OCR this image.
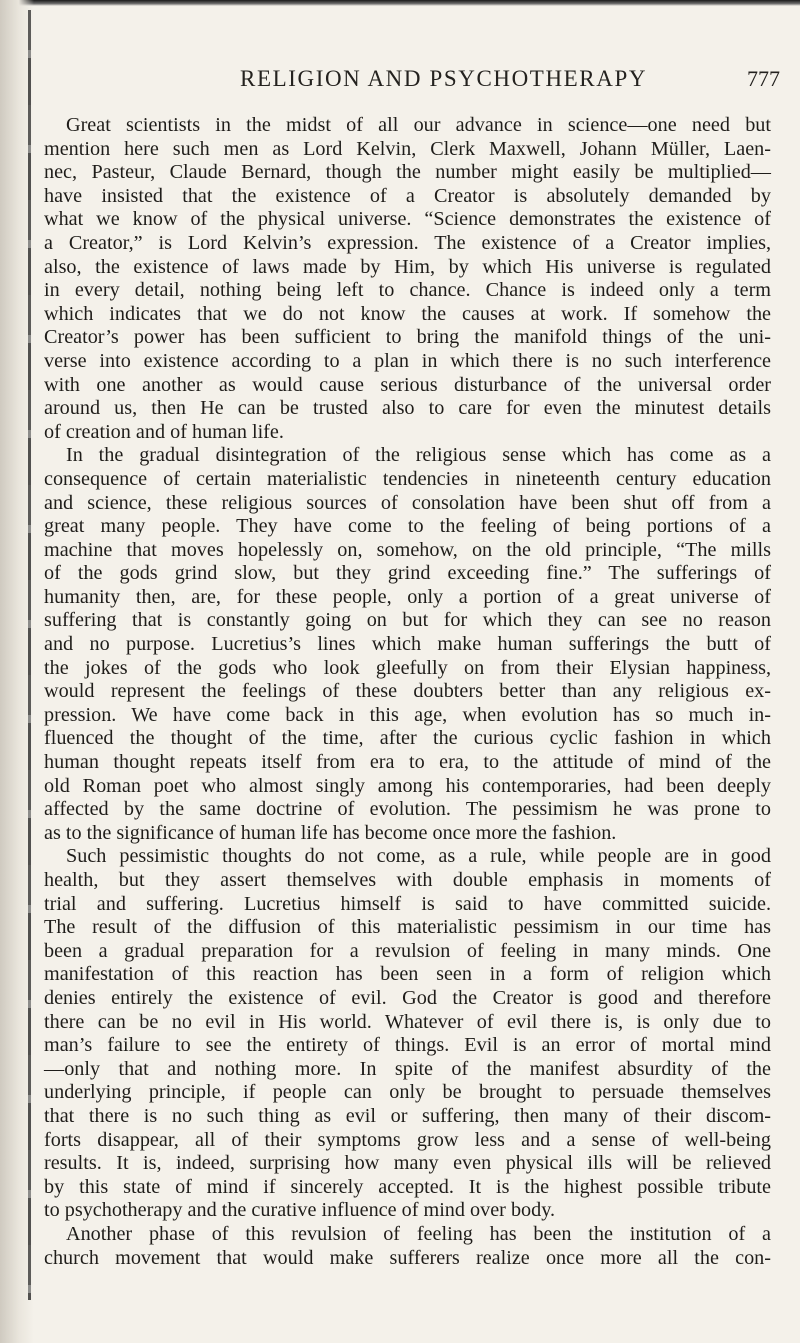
RELIGION AND PSYCHOTHERAPY	777
Great scientists in the midst of all our advance in science—one need but
mention here such men as Lord Kelvin, Clerk Maxwell, Johann Müller, Laen-
nec, Pasteur, Claude Bernard, though the number might easily be multiplied—
have insisted that the existence of a Creator is absolutely demanded by
what we know of the physical universe. “Science demonstrates the existence of
a Creator,” is Lord Kelvin’s expression. The existence of a Creator implies,
also, the existence of laws made by Him, by which His universe is regulated
in every detail, nothing being left to chance. Chance is indeed only a term
which indicates that we do not know the causes at work. If somehow the
Creator’s power has been sufficient to bring the manifold things of the uni-
verse into existence according to a plan in which there is no such interference
with one another as would cause serious disturbance of the universal order
around us, then He can be trusted also to care for even the minutest details
of creation and of human life.
In the gradual disintegration of the religious sense which has come as a
consequence of certain materialistic tendencies in nineteenth century education
and science, these religious sources of consolation have been shut off from a
great many people. They have come to the feeling of being portions of a
machine that moves hopelessly on, somehow, on the old principle, “The mills
of the gods grind slow, but they grind exceeding fine.” The sufferings of
humanity then, are, for these people, only a portion of a great universe of
suffering that is constantly going on but for which they can see no reason
and no purpose. Lucretius’s lines which make human sufferings the butt of
the jokes of the gods who look gleefully on from their Elysian happiness,
would represent the feelings of these doubters better than any religious ex-
pression. We have come back in this age, when evolution has so much in-
fluenced the thought of the time, after the curious cyclic fashion in which
human thought repeats itself from era to era, to the attitude of mind of the
old Roman poet who almost singly among his contemporaries, had been deeply
affected by the same doctrine of evolution. The pessimism he was prone to
as to the significance of human life has become once more the fashion.
Such pessimistic thoughts do not come, as a rule, while people are in good
health, but they assert themselves with double emphasis in moments of
trial and suffering. Lucretius himself is said to have committed suicide.
The result of the diffusion of this materialistic pessimism in our time has
been a gradual preparation for a revulsion of feeling in many minds. One
manifestation of this reaction has been seen in a form of religion which
denies entirely the existence of evil. God the Creator is good and therefore
there can be no evil in His world. Whatever of evil there is, is only due to
man’s failure to see the entirety of things. Evil is an error of mortal mind
—only that and nothing more. In spite of the manifest absurdity of the
underlying principle, if people can only be brought to persuade themselves
that there is no such thing as evil or suffering, then many of their discom-
forts disappear, all of their symptoms grow less and a sense of well-being
results. It is, indeed, surprising how many even physical ills will be relieved
by this state of mind if sincerely accepted. It is the highest possible tribute
to psychotherapy and the curative influence of mind over body.
Another phase of this revulsion of feeling has been the institution of a
church movement that would make sufferers realize once more all the con-
